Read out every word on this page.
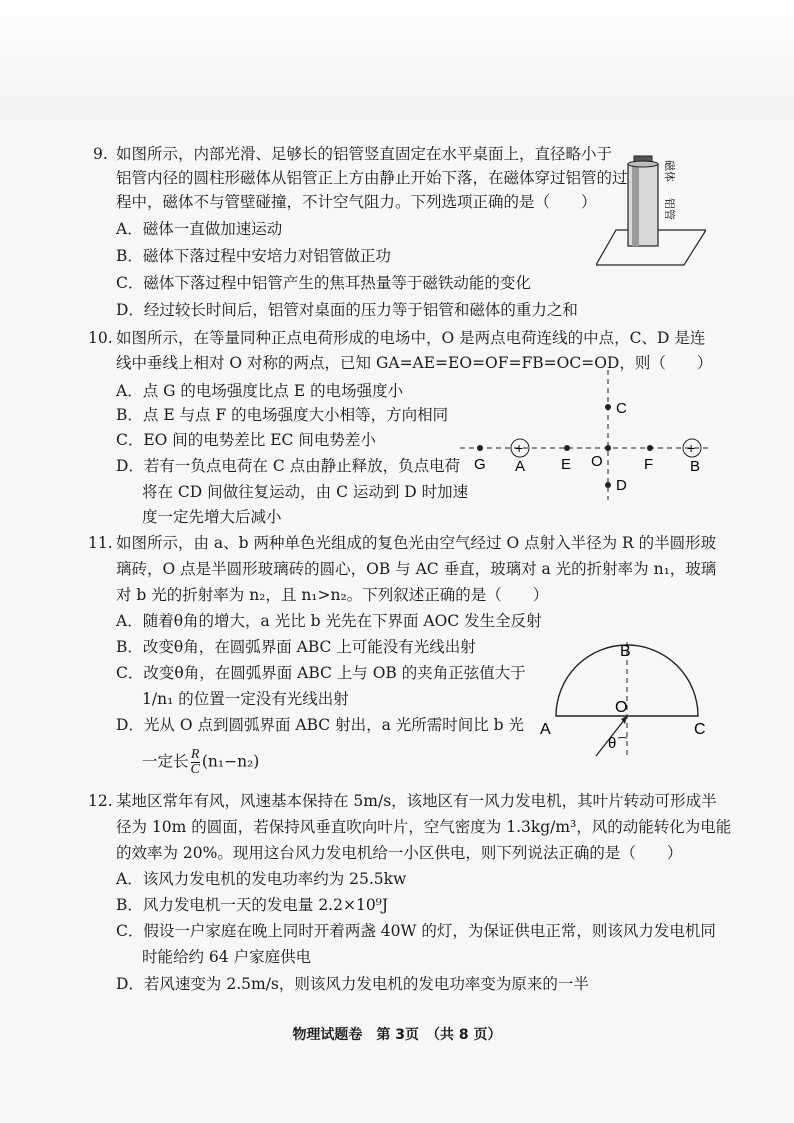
9. 如图所示，内部光滑、足够长的铝管竖直固定在水平桌面上，直径略小于
铝管内径的圆柱形磁体从铝管正上方由静止开始下落，在磁体穿过铝管的过
程中，磁体不与管壁碰撞，不计空气阻力。下列选项正确的是（　　）
A．磁体一直做加速运动
B．磁体下落过程中安培力对铝管做正功
C．磁体下落过程中铝管产生的焦耳热量等于磁铁动能的变化
D．经过较长时间后，铝管对桌面的压力等于铝管和磁体的重力之和
磁体
铝管
10. 如图所示，在等量同种正点电荷形成的电场中，O 是两点电荷连线的中点，C、D 是连
线中垂线上相对 O 对称的两点，已知 GA=AE=EO=OF=FB=OC=OD，则（　　）
A．点 G 的电场强度比点 E 的电场强度小
B．点 E 与点 F 的电场强度大小相等，方向相同
C．EO 间的电势差比 EC 间电势差小
D．若有一负点电荷在 C 点由静止释放，负点电荷
将在 CD 间做往复运动，由 C 运动到 D 时加速
度一定先增大后减小
+	+
G A E O	F B
C
D
11. 如图所示，由 a、b 两种单色光组成的复色光由空气经过 O 点射入半径为 R 的半圆形玻
璃砖，O 点是半圆形玻璃砖的圆心，OB 与 AC 垂直，玻璃对 a 光的折射率为 n₁，玻璃
对 b 光的折射率为 n₂，且 n₁>n₂。下列叙述正确的是（　　）
A．随着θ角的增大，a 光比 b 光先在下界面 AOC 发生全反射
B．改变θ角，在圆弧界面 ABC 上可能没有光线出射
C．改变θ角，在圆弧界面 ABC 上与 OB 的夹角正弦值大于
1/n₁ 的位置一定没有光线出射
D．光从 O 点到圆弧界面 ABC 射出，a 光所需时间比 b 光
一定长 $\frac{R}{C} (n_1-n_2)$
B
O
A	C
θ
12. 某地区常年有风，风速基本保持在 5m/s，该地区有一风力发电机，其叶片转动可形成半
径为 10m 的圆面，若保持风垂直吹向叶片，空气密度为 1.3kg/m³，风的动能转化为电能
的效率为 20%。现用这台风力发电机给一小区供电，则下列说法正确的是（　　）
A．该风力发电机的发电功率约为 25.5kw
B．风力发电机一天的发电量 2.2×10⁹J
C．假设一户家庭在晚上同时开着两盏 40W 的灯，为保证供电正常，则该风力发电机同
时能给约 64 户家庭供电
D．若风速变为 2.5m/s，则该风力发电机的发电功率变为原来的一半
物理试题卷　第 3页　（共 8 页）
